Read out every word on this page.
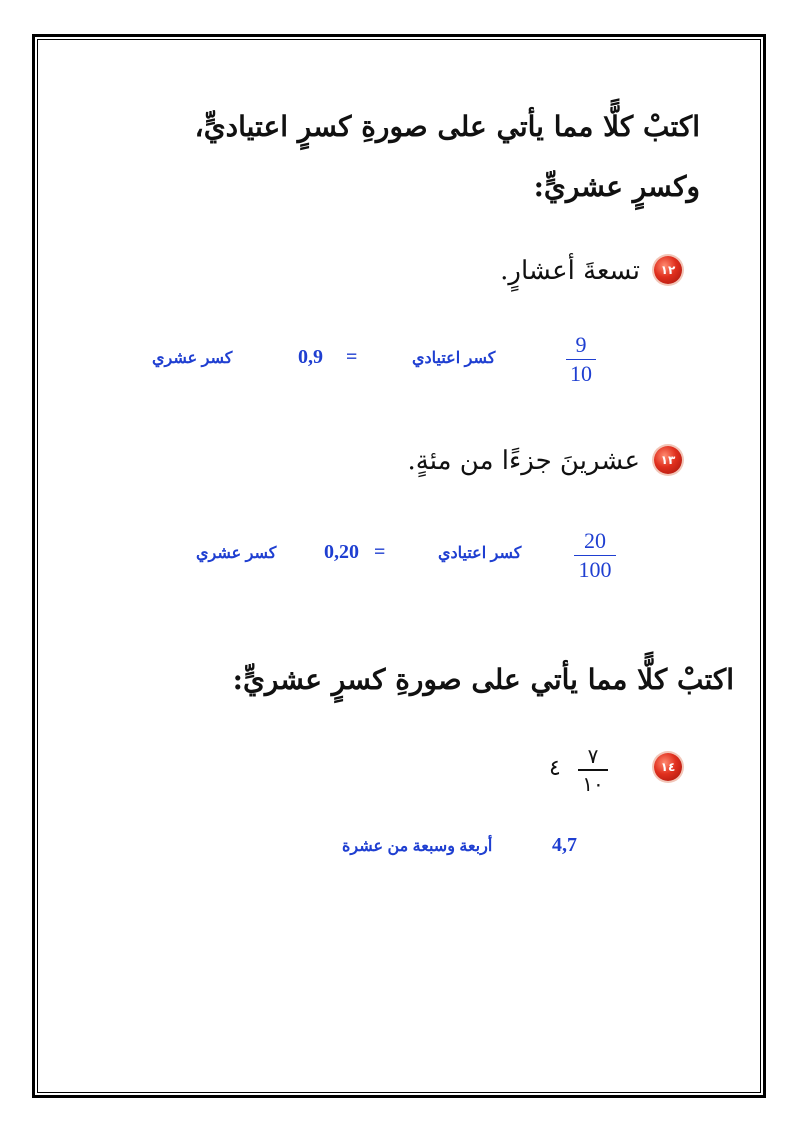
اكتبْ كلًّا مما يأتي على صورةِ كسرٍ اعتياديٍّ،
وكسرٍ عشريٍّ:
١٢
تسعةَ أعشارٍ.
9
10
كسر اعتيادي
=
0,9
كسر عشري
١٣
عشرينَ جزءًا من مئةٍ.
20
100
كسر اعتيادي
=
0,20
كسر عشري
اكتبْ كلًّا مما يأتي على صورةِ كسرٍ عشريٍّ:
١٤
٧
١٠
٤
4,7
أربعة وسبعة من عشرة
